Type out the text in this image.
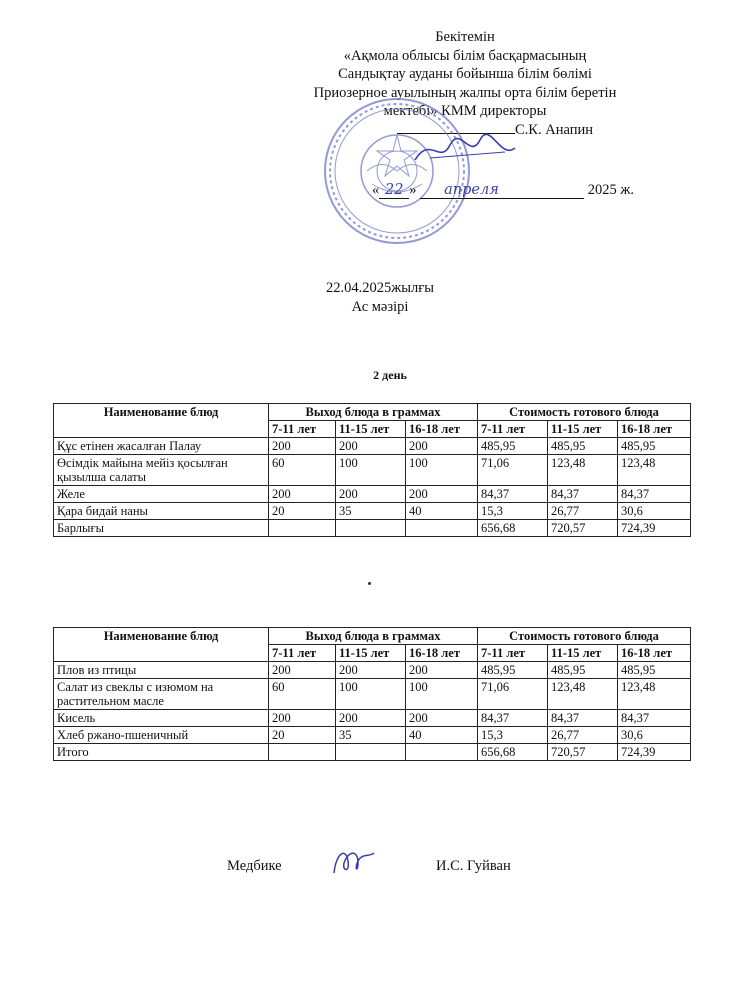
Бекітемін
«Ақмола облысы білім басқармасының
Сандықтау ауданы бойынша білім бөлімі
Приозерное ауылының жалпы орта білім беретін
мектебі» КММ директоры
С.К. Анапин
« 22 » апреля	2025 ж.
22.04.2025жылғы
Ас мәзірі
2 день
Наименование блюд	Выход блюда в граммах			Стоимость готового блюда		
	7-11 лет	11-15 лет	16-18 лет	7-11 лет	11-15 лет	16-18 лет
Құс етінен жасалған Палау	200	200	200	485,95	485,95	485,95
Өсімдік майына мейіз қосылған қызылша салаты	60	100	100	71,06	123,48	123,48
Желе	200	200	200	84,37	84,37	84,37
Қара бидай наны	20	35	40	15,3	26,77	30,6
Барлығы				656,68	720,57	724,39
Наименование блюд	Выход блюда в граммах			Стоимость готового блюда		
	7-11 лет	11-15 лет	16-18 лет	7-11 лет	11-15 лет	16-18 лет
Плов из птицы	200	200	200	485,95	485,95	485,95
Салат из свеклы с изюмом на растительном масле	60	100	100	71,06	123,48	123,48
Кисель	200	200	200	84,37	84,37	84,37
Хлеб ржано-пшеничный	20	35	40	15,3	26,77	30,6
Итого				656,68	720,57	724,39
Медбике	И.С. Гуйван
